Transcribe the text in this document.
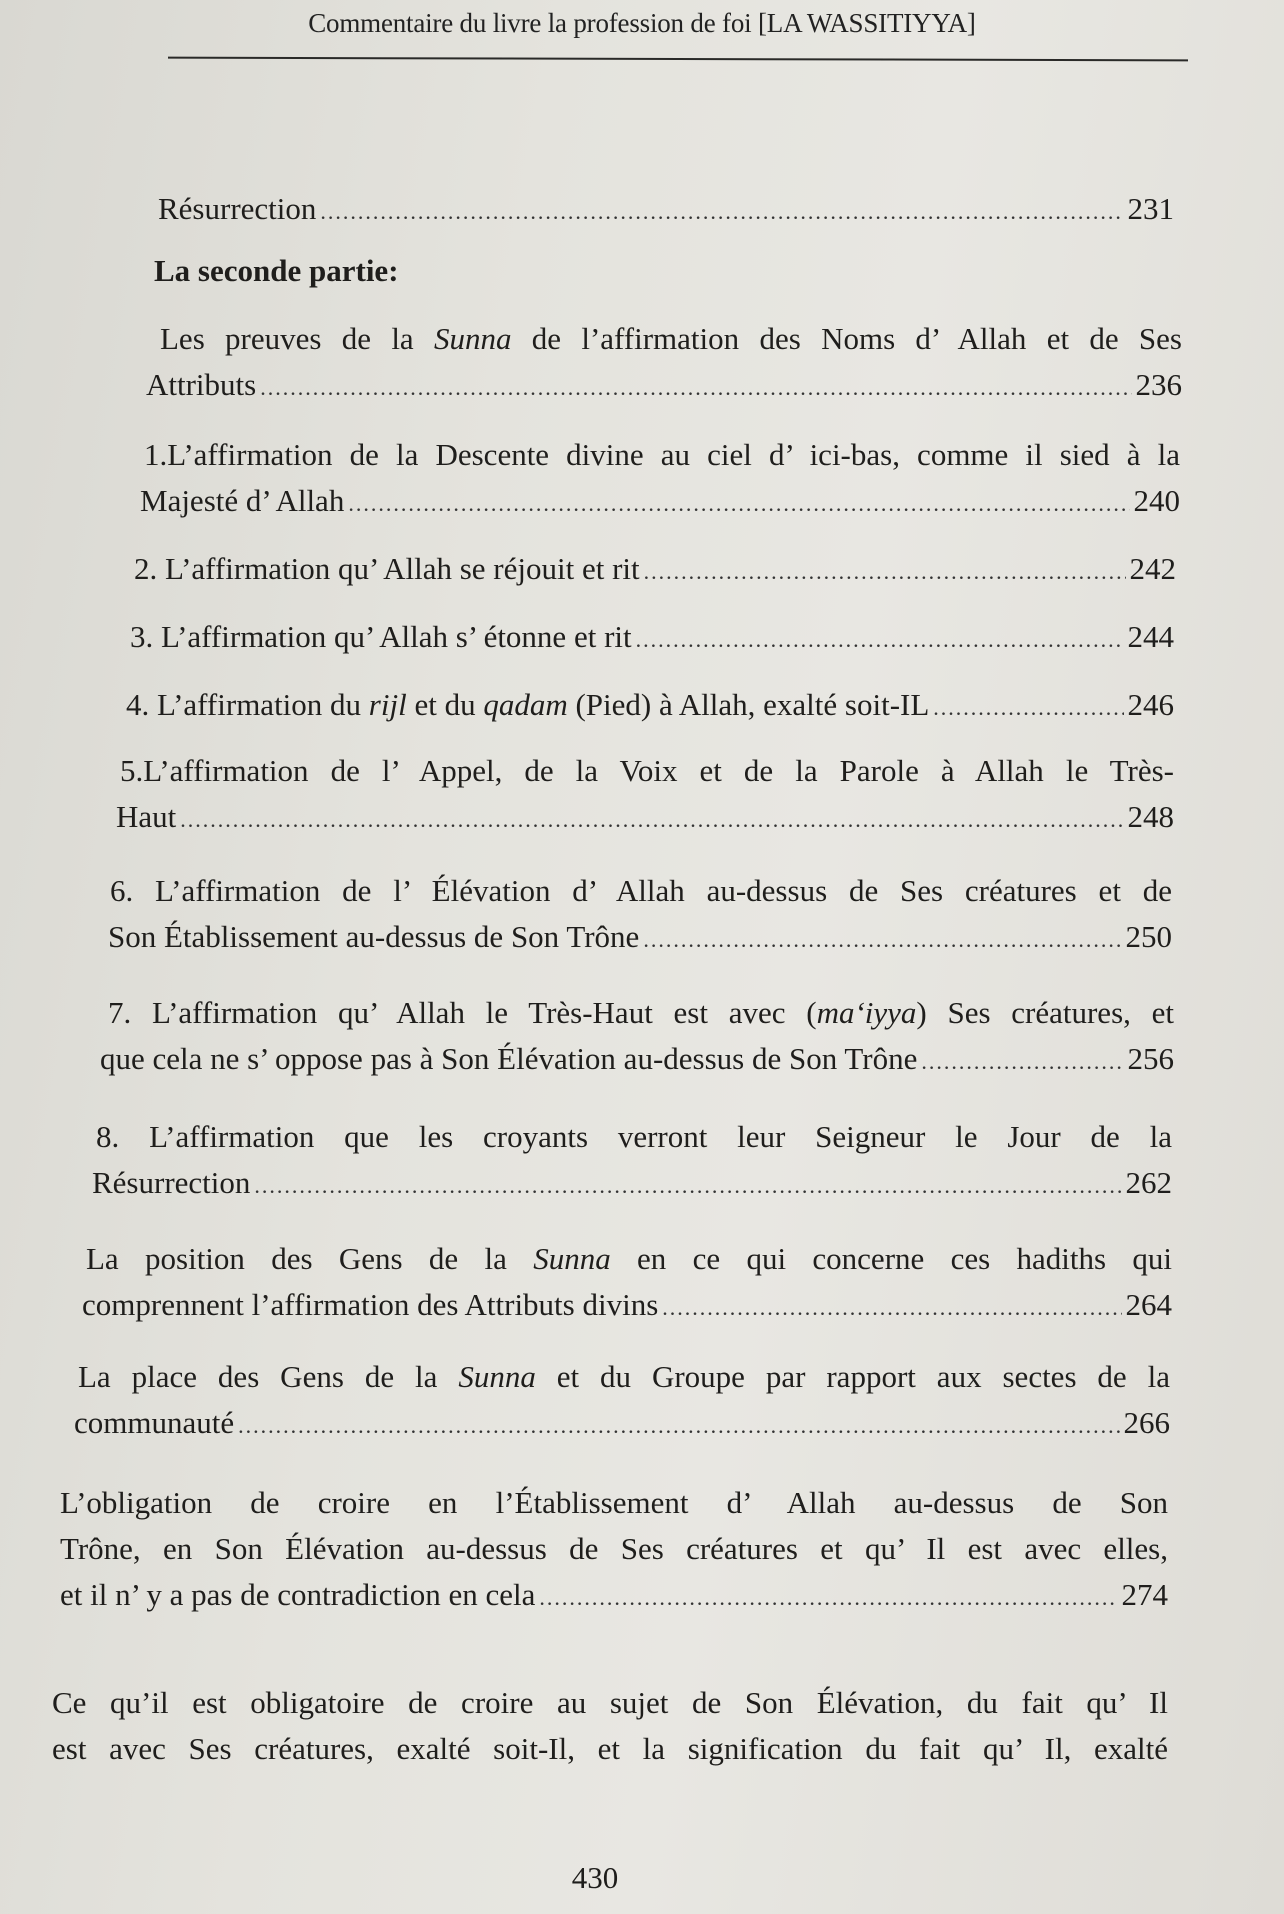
Commentaire du livre la profession de foi [LA WASSITIYYA]
Résurrection .....	231
La seconde partie:
Les preuves de la Sunna de l’affirmation des Noms d’ Allah et de Ses
Attributs .....	236
1.L’affirmation de la Descente divine au ciel d’ ici-bas, comme il sied à la
Majesté d’ Allah .....	240
2. L’affirmation qu’ Allah se réjouit et rit .....	242
3. L’affirmation qu’ Allah s’ étonne et rit .....	244
4. L’affirmation du rijl et du qadam (Pied) à Allah, exalté soit-IL .....	246
5.L’affirmation de l’ Appel, de la Voix et de la Parole à Allah le Très-
Haut .....	248
6. L’affirmation de l’ Élévation d’ Allah au-dessus de Ses créatures et de
Son Établissement au-dessus de Son Trône .....	250
7. L’affirmation qu’ Allah le Très-Haut est avec (ma‘iyya) Ses créatures, et
que cela ne s’ oppose pas à Son Élévation au-dessus de Son Trône .....	256
8. L’affirmation que les croyants verront leur Seigneur le Jour de la
Résurrection .....	262
La position des Gens de la Sunna en ce qui concerne ces hadiths qui
comprennent l’affirmation des Attributs divins .....	264
La place des Gens de la Sunna et du Groupe par rapport aux sectes de la
communauté .....	266
L’obligation de croire en l’Établissement d’ Allah au-dessus de Son
Trône, en Son Élévation au-dessus de Ses créatures et qu’ Il est avec elles,
et il n’ y a pas de contradiction en cela .....	274
Ce qu’il est obligatoire de croire au sujet de Son Élévation, du fait qu’ Il
est avec Ses créatures, exalté soit-Il, et la signification du fait qu’ Il, exalté
430
